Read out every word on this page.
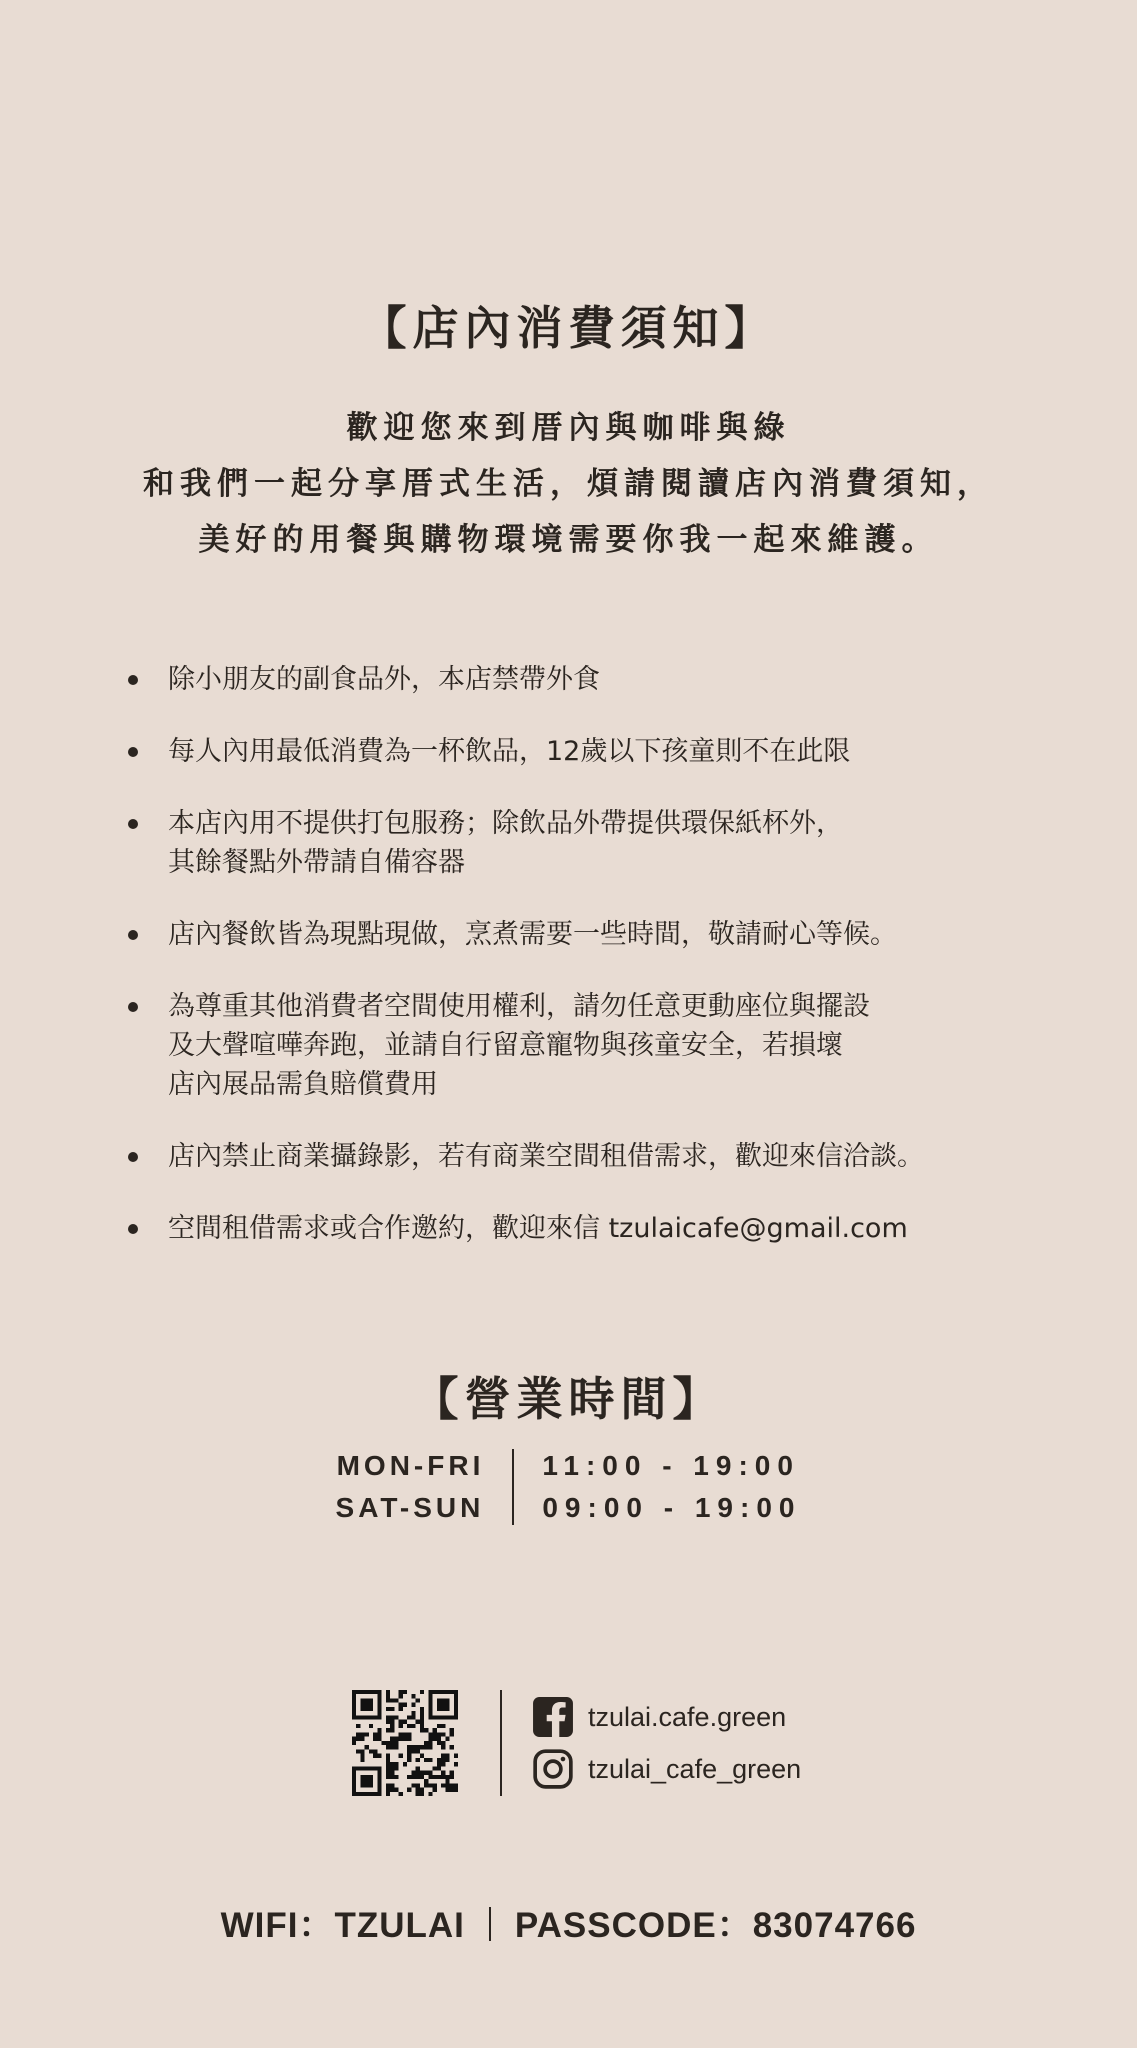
【店內消費須知】
歡迎您來到厝內與咖啡與綠
和我們一起分享厝式生活，煩請閱讀店內消費須知，
美好的用餐與購物環境需要你我一起來維護。
除小朋友的副食品外，本店禁帶外食
每人內用最低消費為一杯飲品，12歲以下孩童則不在此限
本店內用不提供打包服務；除飲品外帶提供環保紙杯外，
其餘餐點外帶請自備容器
店內餐飲皆為現點現做，烹煮需要一些時間，敬請耐心等候。
為尊重其他消費者空間使用權利，請勿任意更動座位與擺設
及大聲喧嘩奔跑，並請自行留意寵物與孩童安全，若損壞
店內展品需負賠償費用
店內禁止商業攝錄影，若有商業空間租借需求，歡迎來信洽談。
空間租借需求或合作邀約，歡迎來信 tzulaicafe@gmail.com
【營業時間】
MON-FRI
SAT-SUN
11:00 - 19:00
09:00 - 19:00
tzulai.cafe.green
tzulai_cafe_green
WIFI：TZULAI PASSCODE：83074766
